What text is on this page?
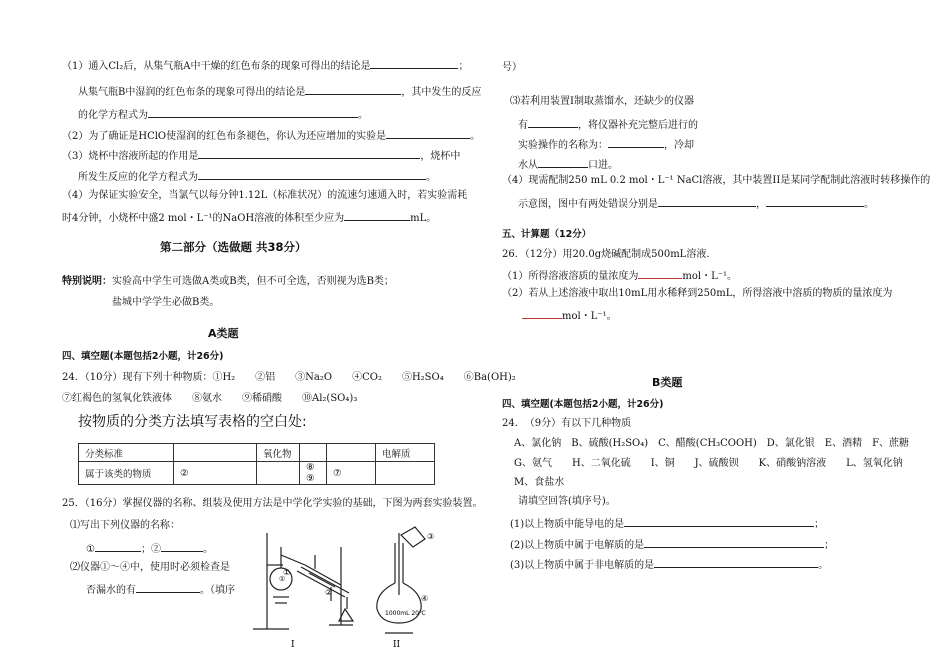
（1）通入Cl₂后，从集气瓶A中干燥的红色布条的现象可得出的结论是	；
从集气瓶B中湿润的红色布条的现象可得出的结论是	，其中发生的反应
的化学方程式为	。
（2）为了确证是HClO使湿润的红色布条褪色，你认为还应增加的实验是	。
（3）烧杯中溶液所起的作用是	，烧杯中
所发生反应的化学方程式为	。
（4）为保证实验安全，当氯气以每分钟1.12L（标准状况）的流速匀速通入时，若实验需耗
时4分钟，小烧杯中盛2 mol・L⁻¹的NaOH溶液的体积至少应为	mL。
第二部分（选做题 共38分）
特别说明：实验高中学生可选做A类或B类，但不可全选，否则视为选B类；
盐城中学学生必做B类。
A类题
四、填空题(本题包括2小题，计26分)
24．（10分）现有下列十种物质：①H₂　　②铝　　③Na₂O　　④CO₂　　⑤H₂SO₄　　⑥Ba(OH)₂
⑦红褐色的氢氧化铁液体　　⑧氨水　　⑨稀硝酸　　⑩Al₂(SO₄)₃
按物质的分类方法填写表格的空白处:
分类标准		氧化物			电解质
属于该类的物质	②		⑧ ⑨	⑦	
25．（16分）掌握仪器的名称、组装及使用方法是中学化学实验的基础，下图为两套实验装置。
⑴写出下列仪器的名称：
①	；②	。
⑵仪器①～④中，使用时必须检查是
否漏水的有	。（填序
①
②
①
③
④
1000mL 20℃
Ⅰ	II
号）
⑶若利用装置Ⅰ制取蒸馏水，还缺少的仪器
有	，将仪器补充完整后进行的
实验操作的名称为：	，冷却
水从	口进。
（4）现需配制250 mL 0.2 mol・L⁻¹ NaCl溶液，其中装置II是某同学配制此溶液时转移操作的
示意图，图中有两处错误分别是	，	。
五、计算题（12分）
26．（12分）用20.0g烧碱配制成500mL溶液．
（1）所得溶液溶质的量浓度为	mol・L⁻¹。
（2）若从上述溶液中取出10mL用水稀释到250mL，所得溶液中溶质的物质的量浓度为
mol・L⁻¹。
B类题
四、填空题(本题包括2小题，计26分)
24．　（9分）有以下几种物质
A、氯化钠　B、硫酸(H₂SO₄)　C、醋酸(CH₃COOH)　D、氯化银　E、酒精　F、蔗糖
G、氨气　　H、二氧化硫　　I、铜　　J、硫酸钡　　K、硝酸钠溶液　　L、氢氧化钠
M、食盐水
请填空回答(填序号)。
(1)以上物质中能导电的是	；
(2)以上物质中属于电解质的是	；
(3)以上物质中属于非电解质的是	。
